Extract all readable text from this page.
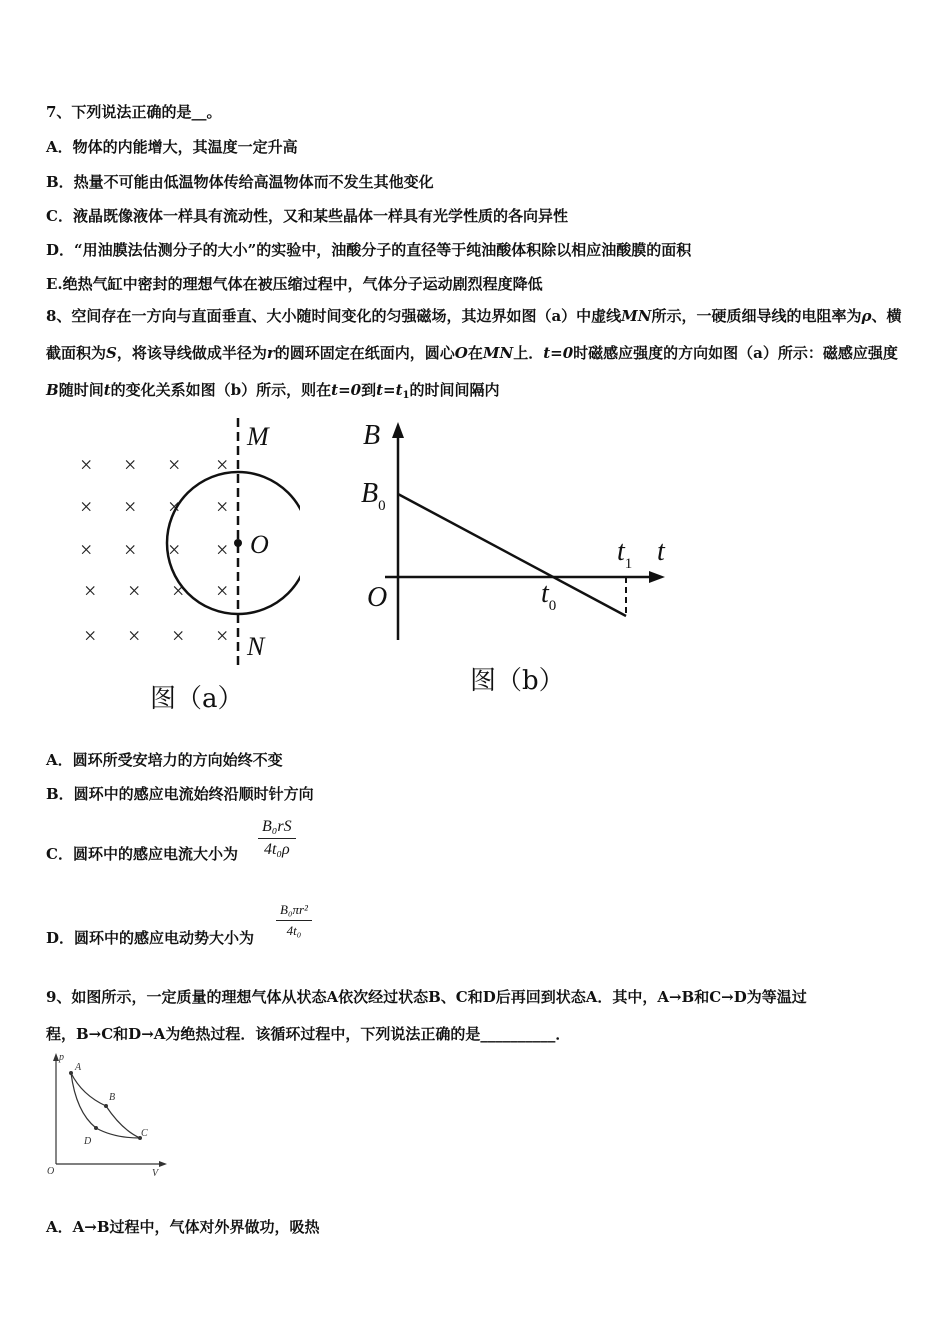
7、下列说法正确的是__。
A．物体的内能增大，其温度一定升高
B．热量不可能由低温物体传给高温物体而不发生其他变化
C．液晶既像液体一样具有流动性，又和某些晶体一样具有光学性质的各向异性
D．“用油膜法估测分子的大小”的实验中，油酸分子的直径等于纯油酸体积除以相应油酸膜的面积
E.绝热气缸中密封的理想气体在被压缩过程中，气体分子运动剧烈程度降低
8、空间存在一方向与直面垂直、大小随时间变化的匀强磁场，其边界如图（a）中虚线MN所示，一硬质细导线的电阻率为ρ、横截面积为S，将该导线做成半径为r的圆环固定在纸面内，圆心O在MN上．t=0时磁感应强度的方向如图（a）所示：磁感应强度B随时间t的变化关系如图（b）所示，则在t=0到$t=t_1$的时间间隔内
× × × ×
× × × ×
× × × ×
× × × ×
× × × ×
M
O
N
图（a）
B
$B_0$
O
t
$t_0$
$t_1$
图（b）
A．圆环所受安培力的方向始终不变
B．圆环中的感应电流始终沿顺时针方向
C．圆环中的感应电流大小为 $\frac{\text{B₀rS}}{\text{4t₀ρ}}$
D．圆环中的感应电动势大小为 $\frac{\text{B₀πr²}}{\text{4t₀}}$
9、如图所示，一定质量的理想气体从状态A依次经过状态B、C和D后再回到状态A．其中，A→B和C→D为等温过
程，B→C和D→A为绝热过程．该循环过程中，下列说法正确的是__________．
p
V
O
A
B
C
D
A．A→B过程中，气体对外界做功，吸热
